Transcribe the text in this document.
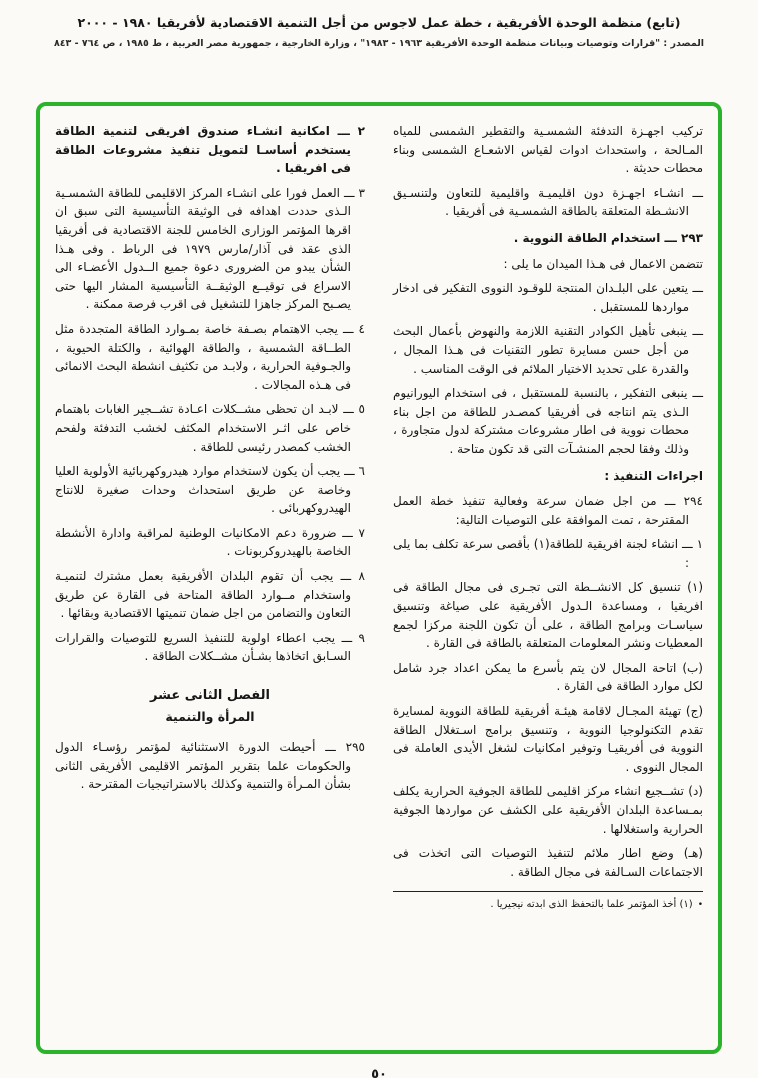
(تابع) منظمة الوحدة الأفريقية ، خطة عمل لاجوس من أجل التنمية الاقتصادية لأفريقيا ١٩٨٠ - ٢٠٠٠
المصدر : "قرارات وتوصيات وبيانات منظمة الوحدة الأفريقية ١٩٦٣ - ١٩٨٣" ، وزارة الخارجية ، جمهورية مصر العربية ، ط ١٩٨٥ ، ص ٧٦٤ - ٨٤٣

تركيب اجهـزة التدفئة الشمسـية والتقطير الشمسى للمياه المـالحة ، واستحداث ادوات لقياس الاشعـاع الشمسى وبناء محطات حديثة .

ـــ انشـاء اجهـزة دون اقليميـة واقليمية للتعاون ولتنسـيق الانشـطة المتعلقة بالطاقة الشمسـية فى أفريقيا .

٢٩٣ ـــ استخدام الطاقة النووية .

تتضمن الاعمال فى هـذا الميدان ما يلى :

ـــ يتعين على البلـدان المنتجة للوقـود النووى التفكير فى ادخار مواردها للمستقبل .

ـــ ينبغى تأهيل الكوادر التقنية اللازمة والنهوض بأعمال البحث من أجل حسن مسايرة تطور التقنيات فى هـذا المجال ، والقدرة على تحديد الاختيار الملائم فى الوقت المناسب .

ـــ ينبغى التفكير ، بالنسبة للمستقبل ، فى استخدام اليورانيوم الـذى يتم انتاجه فى أفريقيا كمصـدر للطاقة من اجل بناء محطات نووية فى اطار مشروعات مشتركة لدول متجاورة ، وذلك وفقا لحجم المنشـآت التى قد تكون متاحة .

اجراءات التنفيذ :

٢٩٤ ـــ من اجل ضمان سرعة وفعالية تنفيذ خطة العمل المقترحة ، تمت الموافقة على التوصيات التالية:

١ ـــ انشاء لجنة افريقية للطاقة(١) بأقصى سرعة تكلف بما يلى :

(١) تنسيق كل الانشــطة التى تجـرى فى مجال الطاقة فى افريقيا ، ومساعدة الـدول الأفريقية على صياغة وتنسيق سياسـات وبرامج الطاقة ، على أن تكون اللجنة مركزا لجمع المعطيات ونشر المعلومات المتعلقة بالطاقة فى القارة .

(ب) اتاحة المجال لان يتم بأسرع ما يمكن اعداد جرد شامل لكل موارد الطاقة فى القارة .

(ج) تهيئة المجـال لاقامة هيئـة أفريقية للطاقة النووية لمسايرة تقدم التكنولوجيا النووية ، وتنسيق برامج اسـتغلال الطاقة النووية فى أفريقيـا وتوفير امكانيات لشغل الأيدى العاملة فى المجال النووى .

(د) تشــجيع انشاء مركز اقليمى للطاقة الجوفية الحرارية يكلف بمـساعدة البلدان الأفريقية على الكشف عن مواردها الجوفية الحرارية واستغلالها .

(هـ) وضع اطار ملائم لتنفيذ التوصيات التى اتخذت فى الاجتماعات السـالفة فى مجال الطاقة .

•
(١) أخذ المؤتمر علما بالتحفظ الذى ابدته نيجيريا .

٢ ـــ امكانية انشـاء صندوق افريقى لتنمية الطاقة يستخدم أساسـا لتمويل تنفيذ مشروعات الطاقة فى افريقيا .

٣ ـــ العمل فورا على انشـاء المركز الاقليمى للطاقة الشمسـية الـذى حددت اهدافه فى الوثيقة التأسيسية التى سبق ان اقرها المؤتمر الوزارى الخامس للجنة الاقتصادية فى أفريقيا الذى عقد فى آذار/مارس ١٩٧٩ فى الرباط . وفى هـذا الشأن يبدو من الضرورى دعوة جميع الــدول الأعضـاء الى الاسراع فى توقيــع الوثيقــة التأسيسية المشار اليها حتى يصـبح المركز جاهزا للتشغيل فى اقرب فرصة ممكنة .

٤ ـــ يجب الاهتمام بصـفة خاصة بمـوارد الطاقة المتجددة مثل الطــاقة الشمسية ، والطاقة الهوائية ، والكتلة الحيوية ، والجـوفية الحرارية ، ولابـد من تكثيف انشطة البحث الانمائى فى هـذه المجالات .

٥ ـــ لابـد ان تحظى مشــكلات اعـادة تشــجير الغابات باهتمام خاص على اثـر الاستخدام المكثف لخشب التدفئة ولفحم الخشب كمصدر رئيسى للطاقة .

٦ ـــ يجب أن يكون لاستخدام موارد هيدروكهربائية الأولوية العليا وخاصة عن طريق استحداث وحدات صغيرة للانتاج الهيدروكهربائى .

٧ ـــ ضرورة دعم الامكانيات الوطنية لمراقبة وادارة الأنشطة الخاصة بالهيدروكربونات .

٨ ـــ يجب أن تقوم البلدان الأفريقية بعمل مشترك لتنميـة واستخدام مــوارد الطاقة المتاحة فى القارة عن طريق التعاون والتضامن من اجل ضمان تنميتها الاقتصادية وبقائها .

٩ ـــ يجب اعطاء اولوية للتنفيذ السريع للتوصيات والقرارات السـابق اتخاذها بشـأن مشــكلات الطاقة .

الفصل الثانى عشر
المرأة والتنمية

٢٩٥ ـــ أحيطت الدورة الاستثنائية لمؤتمر رؤسـاء الدول والحكومات علما بتقرير المؤتمر الاقليمى الأفريقى الثانى بشأن المـرأة والتنمية وكذلك بالاستراتيجيات المقترحة .

٥٠
